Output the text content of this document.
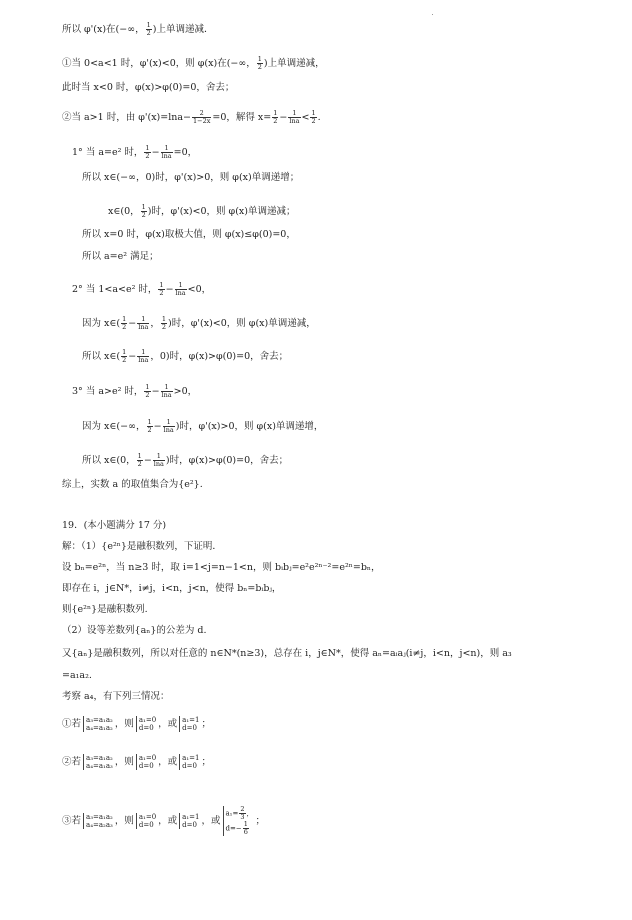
所以 φ'(x)在(−∞， $\frac{1}{2}$ )上单调递减．
①当 0<a<1 时，φ'(x)<0，则 φ(x)在(−∞， $\frac{1}{2}$ )上单调递减，
此时当 x<0 时，φ(x)>φ(0)=0，舍去；
②当 a>1 时，由 $\varphi'(x)=\ln a- \frac{2}{1-2x} =0$，解得 $x= \frac{1}{2} - \frac{1}{\ln a} < \frac{1}{2}$ .
1° 当 a=e² 时， $\frac{1}{2} - \frac{1}{\ln a} =0$，
所以 x∈(−∞，0)时，φ'(x)>0，则 φ(x)单调递增；
x∈(0， $\frac{1}{2}$ )时，φ'(x)<0，则 φ(x)单调递减；
所以 x=0 时，φ(x)取极大值，则 φ(x)≤φ(0)=0，
所以 a=e² 满足；
2° 当 1<a<e² 时， $\frac{1}{2} - \frac{1}{\ln a} <0$，
因为 x∈( $\frac{1}{2} - \frac{1}{\ln a}$ ， $\frac{1}{2}$ )时，φ'(x)<0，则 φ(x)单调递减，
所以 x∈( $\frac{1}{2} - \frac{1}{\ln a}$ ，0)时，φ(x)>φ(0)=0，舍去；
3° 当 a>e² 时， $\frac{1}{2} - \frac{1}{\ln a} >0$，
因为 x∈(−∞， $\frac{1}{2} - \frac{1}{\ln a}$ )时，φ'(x)>0，则 φ(x)单调递增，
所以 x∈(0， $\frac{1}{2} - \frac{1}{\ln a}$ )时，φ(x)>φ(0)=0，舍去；
综上，实数 a 的取值集合为{e²}.
19．(本小题满分 17 分)
解：（1）{e²ⁿ}是融积数列，下证明．
设 bₙ=e²ⁿ，当 n≥3 时，取 i=1<j=n−1<n，则 bᵢbⱼ=e²e²ⁿ⁻²=e²ⁿ=bₙ，
即存在 i，j∈N*，i≠j，i<n，j<n，使得 bₙ=bᵢbⱼ，
则{e²ⁿ}是融积数列.
（2）设等差数列{aₙ}的公差为 d.
又{aₙ}是融积数列，所以对任意的 n∈N*(n≥3)，总存在 i，j∈N*，使得 aₙ=aᵢaⱼ(i≠j，i<n，j<n)，则 a₃
=a₁a₂.
考察 a₄，有下列三情况：
①若 a₃=a₁a₂
a₄=a₁a₂ ，则 a₁=0
d=0 ，或 a₁=1
d=0 ；
②若 a₃=a₁a₂
a₄=a₁a₃ ，则 a₁=0
d=0 ，或 a₁=1
d=0 ；
③若 a₃=a₁a₂
a₄=a₂a₃ ，则 a₁=0
d=0 ，或 a₁=1
d=0 ，或
$a_1= \frac{2}{3}$ ，
$d=- \frac{1}{6}$ ；
